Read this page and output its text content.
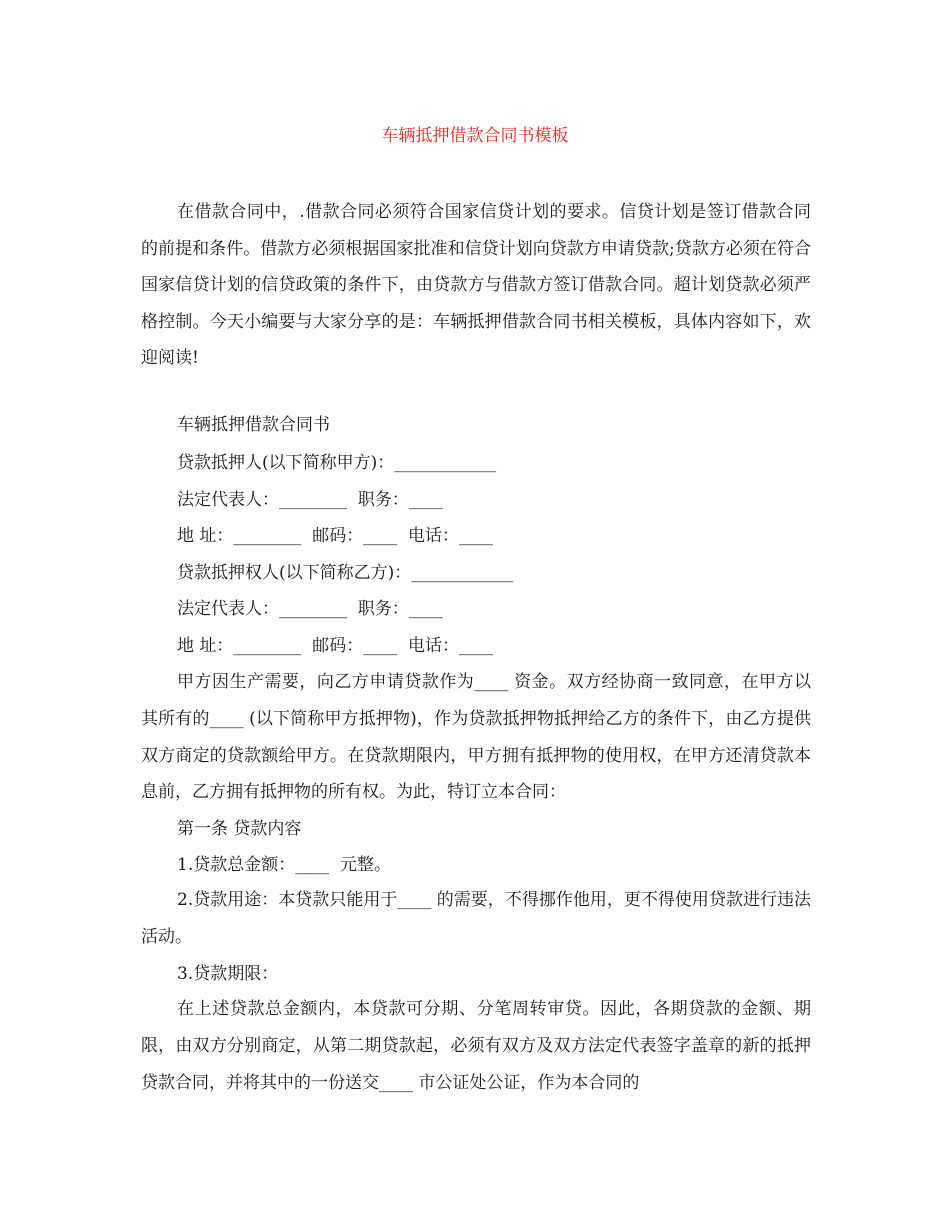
车辆抵押借款合同书模板

在借款合同中，.借款合同必须符合国家信贷计划的要求。信贷计划是签订借款合同的前提和条件。借款方必须根据国家批准和信贷计划向贷款方申请贷款;贷款方必须在符合国家信贷计划的信贷政策的条件下，由贷款方与借款方签订借款合同。超计划贷款必须严格控制。今天小编要与大家分享的是：车辆抵押借款合同书相关模板，具体内容如下，欢迎阅读!

车辆抵押借款合同书
贷款抵押人(以下简称甲方)：____________
法定代表人：________  职务：____
地 址：________  邮码：____  电话：____
贷款抵押权人(以下简称乙方)：____________
法定代表人：________  职务：____
地 址：________  邮码：____  电话：____

甲方因生产需要，向乙方申请贷款作为____ 资金。双方经协商一致同意，在甲方以其所有的____ (以下简称甲方抵押物)，作为贷款抵押物抵押给乙方的条件下，由乙方提供双方商定的贷款额给甲方。在贷款期限内，甲方拥有抵押物的使用权，在甲方还清贷款本息前，乙方拥有抵押物的所有权。为此，特订立本合同：

第一条 贷款内容
1.贷款总金额：____  元整。

2.贷款用途：本贷款只能用于____ 的需要，不得挪作他用，更不得使用贷款进行违法活动。

3.贷款期限：

在上述贷款总金额内，本贷款可分期、分笔周转审贷。因此，各期贷款的金额、期限，由双方分别商定，从第二期贷款起，必须有双方及双方法定代表签字盖章的新的抵押贷款合同，并将其中的一份送交____ 市公证处公证，作为本合同的
